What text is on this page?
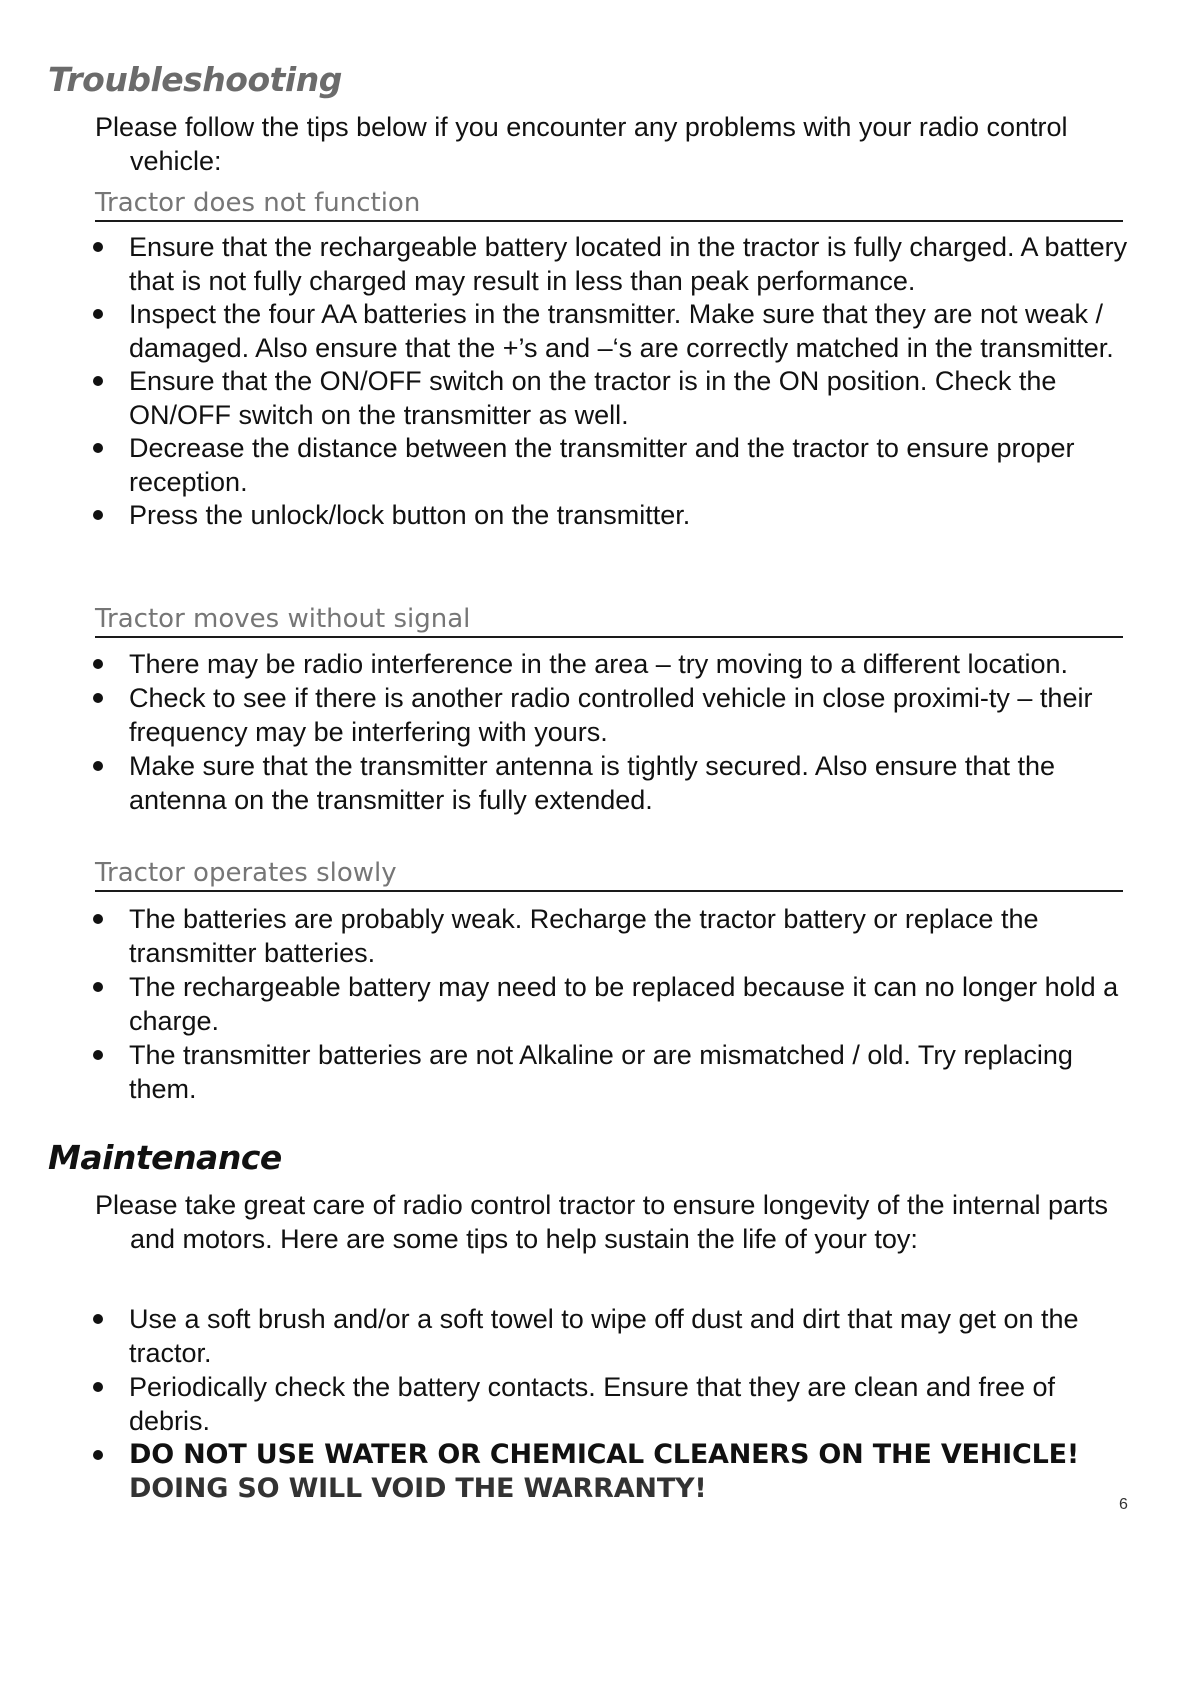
Troubleshooting

Please follow the tips below if you encounter any problems with your radio control vehicle:

Tractor does not function
Ensure that the rechargeable battery located in the tractor is fully charged. A battery that is not fully charged may result in less than peak performance.
Inspect the four AA batteries in the transmitter. Make sure that they are not weak / damaged. Also ensure that the +’s and –‘s are correctly matched in the transmitter.
Ensure that the ON/OFF switch on the tractor is in the ON position. Check the ON/OFF switch on the transmitter as well.
Decrease the distance between the transmitter and the tractor to ensure proper reception.
Press the unlock/lock button on the transmitter.
Tractor moves without signal
There may be radio interference in the area – try moving to a different location.
Check to see if there is another radio controlled vehicle in close proximi-ty – their frequency may be interfering with yours.
Make sure that the transmitter antenna is tightly secured. Also ensure that the antenna on the transmitter is fully extended.
Tractor operates slowly
The batteries are probably weak. Recharge the tractor battery or replace the transmitter batteries.
The rechargeable battery may need to be replaced because it can no longer hold a charge.
The transmitter batteries are not Alkaline or are mismatched / old. Try replacing them.
Maintenance

Please take great care of radio control tractor to ensure longevity of the internal parts and motors. Here are some tips to help sustain the life of your toy:

Use a soft brush and/or a soft towel to wipe off dust and dirt that may get on the tractor.
Periodically check the battery contacts. Ensure that they are clean and free of debris.
DO NOT USE WATER OR CHEMICAL CLEANERS ON THE VEHICLE!
DOING SO WILL VOID THE WARRANTY!
6
